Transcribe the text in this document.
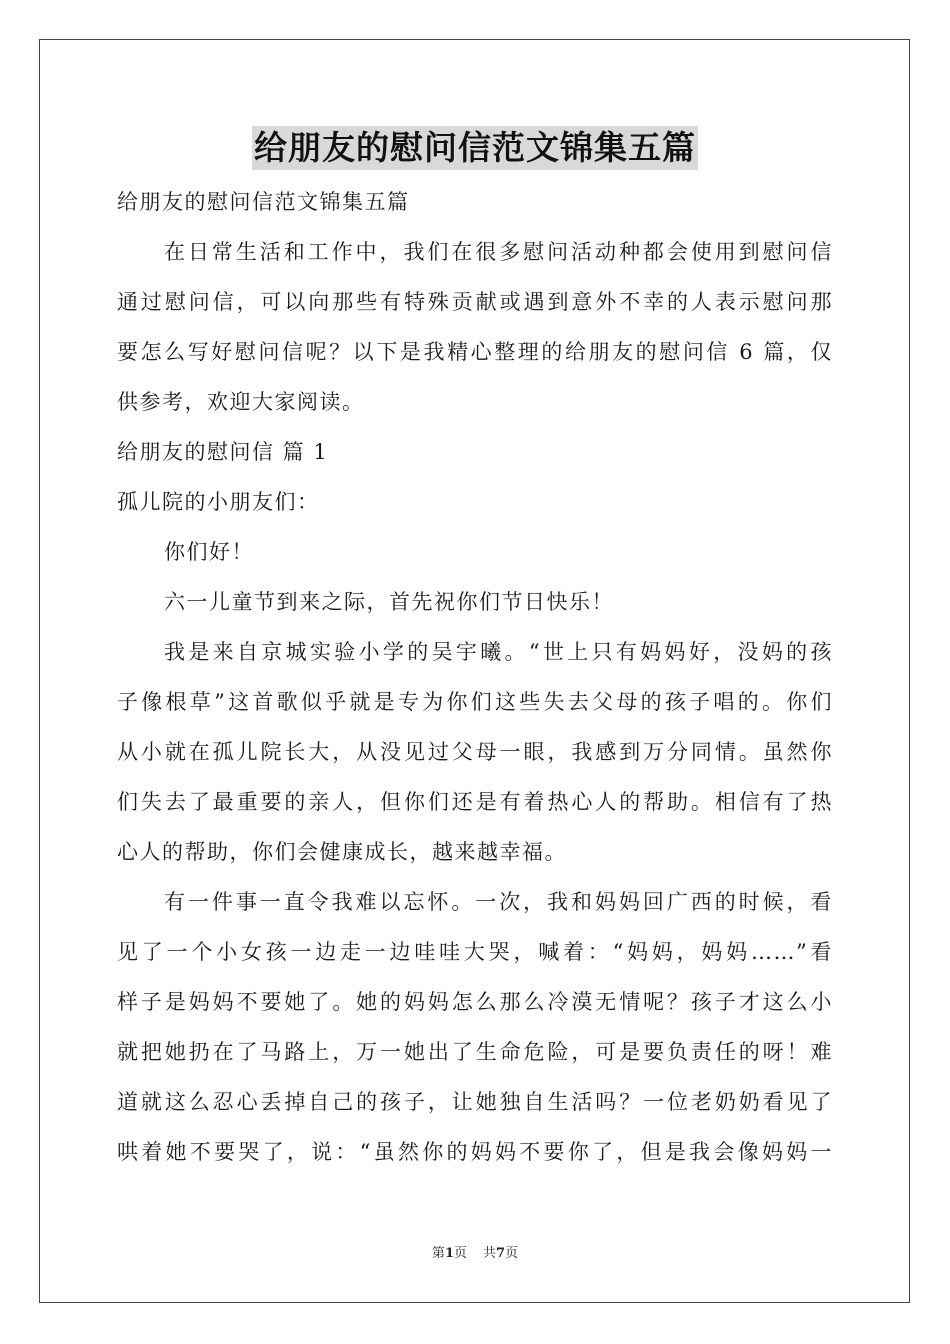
给朋友的慰问信范文锦集五篇
给朋友的慰问信范文锦集五篇
在日常生活和工作中，我们在很多慰问活动种都会使用到慰问信
通过慰问信，可以向那些有特殊贡献或遇到意外不幸的人表示慰问那
要怎么写好慰问信呢？以下是我精心整理的给朋友的慰问信 6 篇，仅
供参考，欢迎大家阅读。
给朋友的慰问信 篇 1
孤儿院的小朋友们：
你们好！
六一儿童节到来之际，首先祝你们节日快乐！
我是来自京城实验小学的吴宇曦。“世上只有妈妈好，没妈的孩
子像根草”这首歌似乎就是专为你们这些失去父母的孩子唱的。你们
从小就在孤儿院长大，从没见过父母一眼，我感到万分同情。虽然你
们失去了最重要的亲人，但你们还是有着热心人的帮助。相信有了热
心人的帮助，你们会健康成长，越来越幸福。
有一件事一直令我难以忘怀。一次，我和妈妈回广西的时候，看
见了一个小女孩一边走一边哇哇大哭，喊着：“妈妈，妈妈……”看
样子是妈妈不要她了。她的妈妈怎么那么冷漠无情呢？孩子才这么小
就把她扔在了马路上，万一她出了生命危险，可是要负责任的呀！难
道就这么忍心丢掉自己的孩子，让她独自生活吗？一位老奶奶看见了
哄着她不要哭了，说：“虽然你的妈妈不要你了，但是我会像妈妈一
第1页 共7页
